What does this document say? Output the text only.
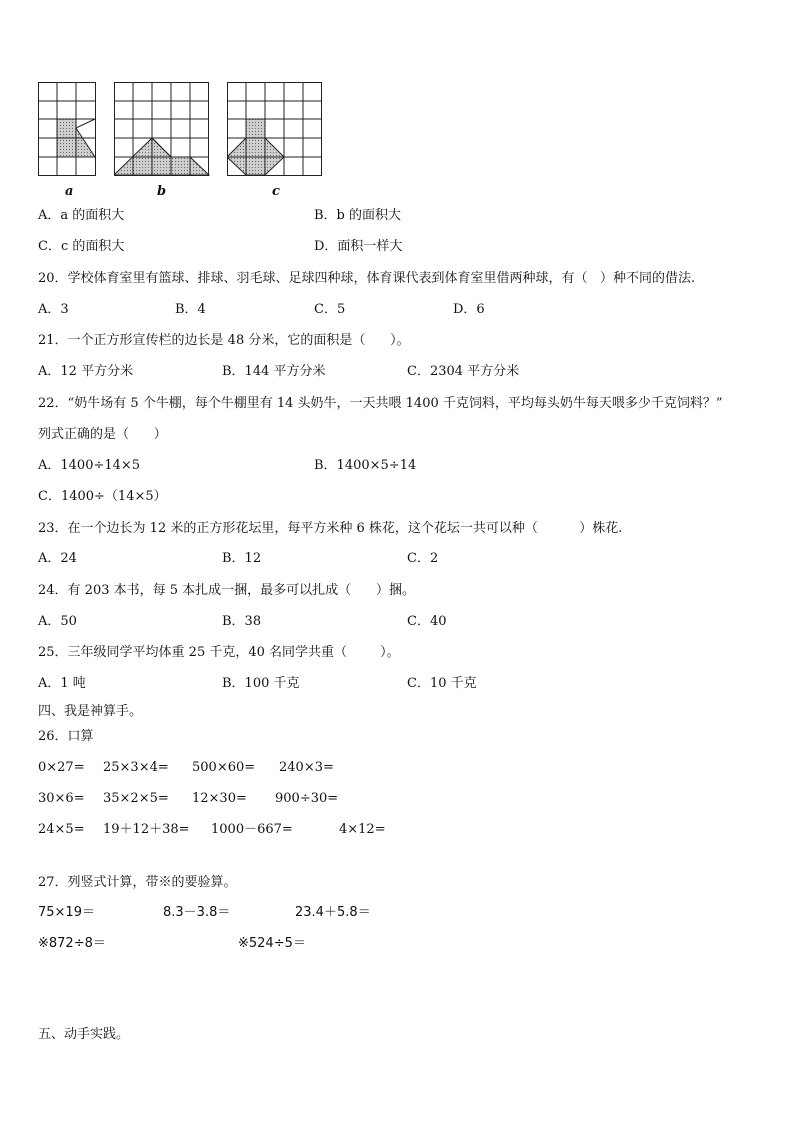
a	b	c
A．a 的面积大	B．b 的面积大
C．c 的面积大	D．面积一样大
20．学校体育室里有篮球、排球、羽毛球、足球四种球，体育课代表到体育室里借两种球，有（   ）种不同的借法.
A．3	B．4	C．5	D．6
21．一个正方形宣传栏的边长是 48 分米，它的面积是（      ）。
A．12 平方分米	B．144 平方分米	C．2304 平方分米
22．“奶牛场有 5 个牛棚，每个牛棚里有 14 头奶牛，一天共喂 1400 千克饲料，平均每头奶牛每天喂多少千克饲料？”
列式正确的是（      ）
A．1400÷14×5	B．1400×5÷14
C．1400÷（14×5）
23．在一个边长为 12 米的正方形花坛里，每平方米种 6 株花，这个花坛一共可以种（          ）株花.
A．24	B．12	C．2
24．有 203 本书，每 5 本扎成一捆，最多可以扎成（      ）捆。
A．50	B．38	C．40
25．三年级同学平均体重 25 千克，40 名同学共重（        ）。
A．1 吨	B．100 千克	C．10 千克
四、我是神算手。
26．口算
0×27= 25×3×4= 500×60= 240×3=
30×6= 35×2×5= 12×30= 900÷30=
24×5= 19＋12＋38= 1000－667=	4×12=
27．列竖式计算，带※的要验算。
75×19＝	8.3－3.8＝	23.4＋5.8＝
※872÷8＝	※524÷5＝
五、动手实践。
